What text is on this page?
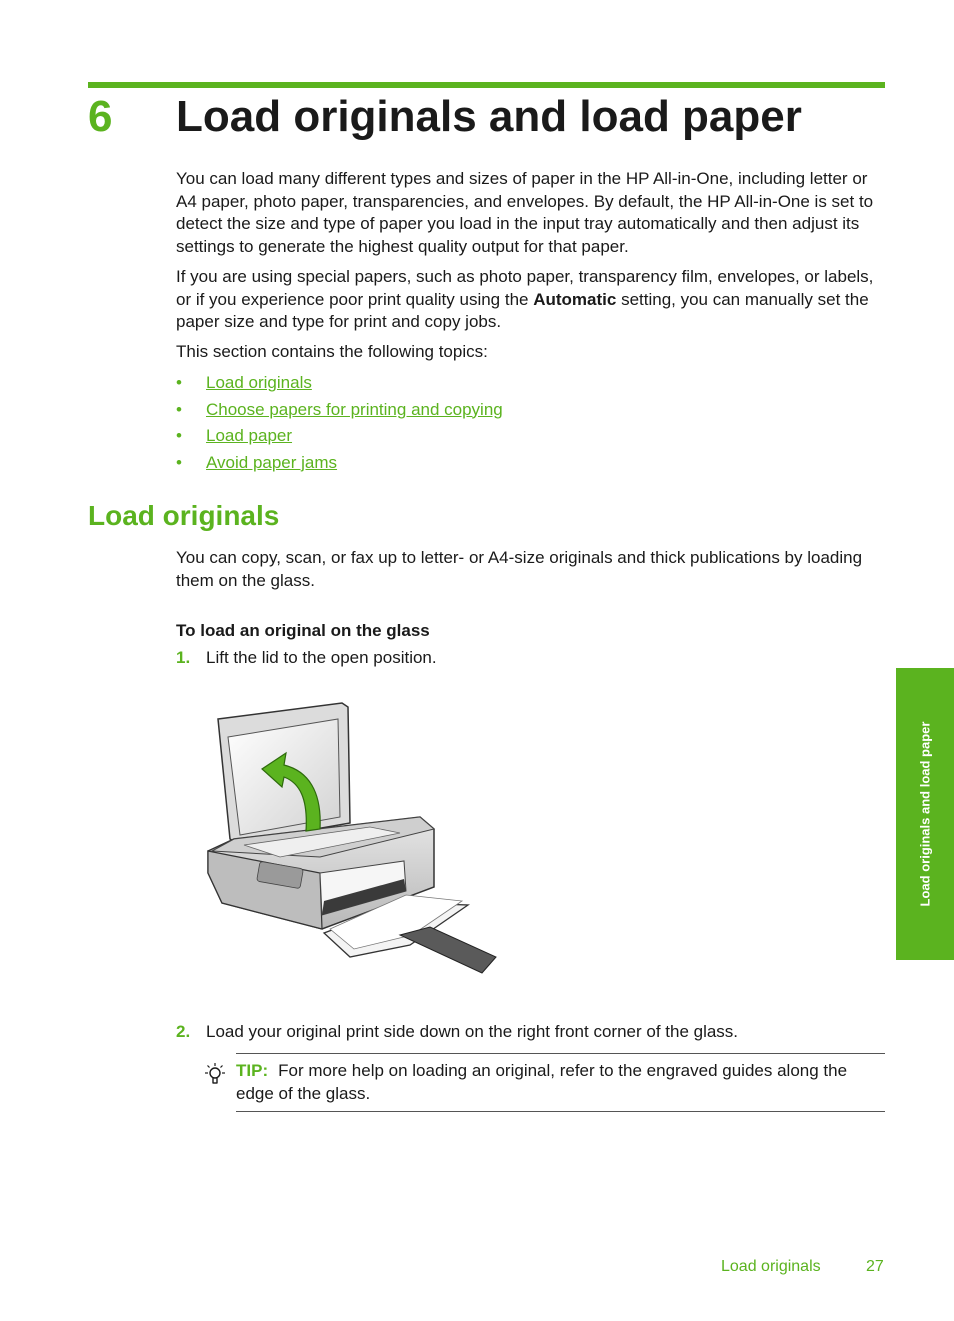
6 Load originals and load paper

You can load many different types and sizes of paper in the HP All-in-One, including letter or A4 paper, photo paper, transparencies, and envelopes. By default, the HP All-in-One is set to detect the size and type of paper you load in the input tray automatically and then adjust its settings to generate the highest quality output for that paper.

If you are using special papers, such as photo paper, transparency film, envelopes, or labels, or if you experience poor print quality using the Automatic setting, you can manually set the paper size and type for print and copy jobs.

This section contains the following topics:

• Load originals
• Choose papers for printing and copying
• Load paper
• Avoid paper jams
Load originals

You can copy, scan, or fax up to letter- or A4-size originals and thick publications by loading them on the glass.

To load an original on the glass
1. Lift the lid to the open position.
2. Load your original print side down on the right front corner of the glass.
TIP: For more help on loading an original, refer to the engraved guides along the edge of the glass.
Load originals and load paper
Load originals	27
